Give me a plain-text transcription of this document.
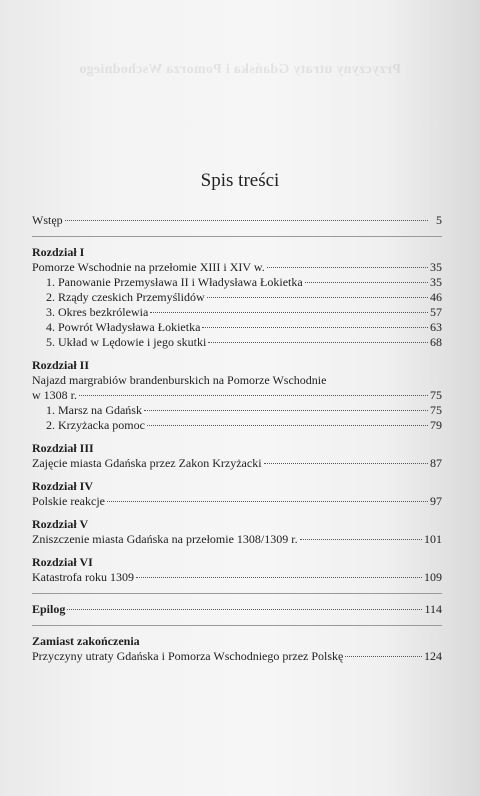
Przyczyny utraty Gdańska i Pomorza Wschodniego
Spis treści
Wstęp	5
Rozdział I
Pomorze Wschodnie na przełomie XIII i XIV w.	35
1. Panowanie Przemysława II i Władysława Łokietka	35
2. Rządy czeskich Przemyślidów	46
3. Okres bezkrólewia	57
4. Powrót Władysława Łokietka	63
5. Układ w Lędowie i jego skutki	68
Rozdział II
Najazd margrabiów brandenburskich na Pomorze Wschodnie
w 1308 r.	75
1. Marsz na Gdańsk	75
2. Krzyżacka pomoc	79
Rozdział III
Zajęcie miasta Gdańska przez Zakon Krzyżacki	87
Rozdział IV
Polskie reakcje	97
Rozdział V
Zniszczenie miasta Gdańska na przełomie 1308/1309 r.	101
Rozdział VI
Katastrofa roku 1309	109
Epilog	114
Zamiast zakończenia
Przyczyny utraty Gdańska i Pomorza Wschodniego przez Polskę	124
